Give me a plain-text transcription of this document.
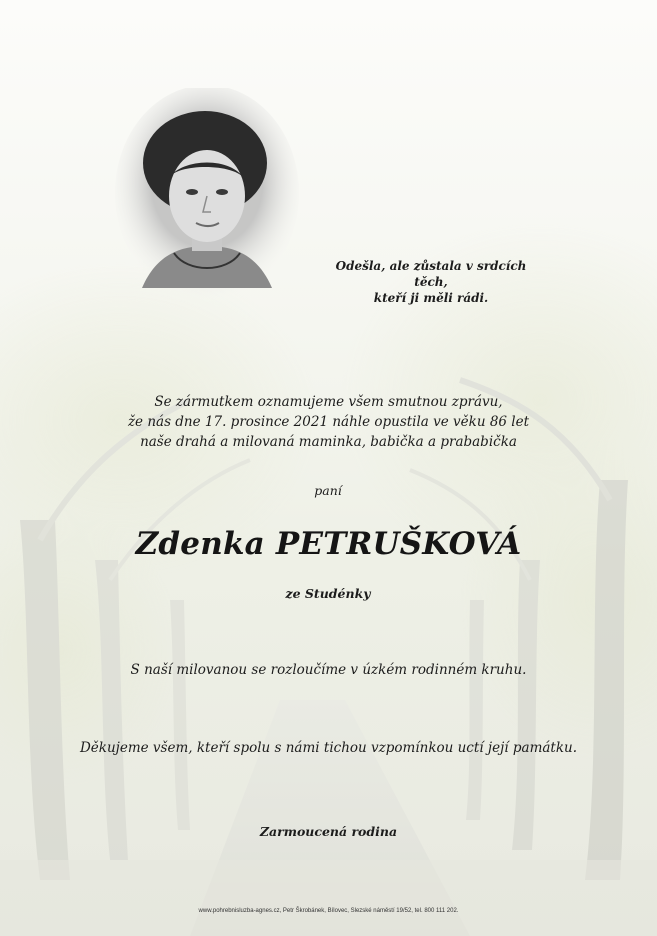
Odešla, ale zůstala v srdcích těch,
kteří ji měli rádi.
Se zármutkem oznamujeme všem smutnou zprávu,
že nás dne 17. prosince 2021 náhle opustila ve věku 86 let
naše drahá a milovaná maminka, babička a prababička
paní
Zdenka PETRUŠKOVÁ
ze Studénky
S naší milovanou se rozloučíme v úzkém rodinném kruhu.
Děkujeme všem, kteří spolu s námi tichou vzpomínkou uctí její památku.
Zarmoucená rodina
www.pohrebnisluzba-agnes.cz, Petr Škrobánek, Bílovec, Slezské náměstí 19/52, tel. 800 111 202.
